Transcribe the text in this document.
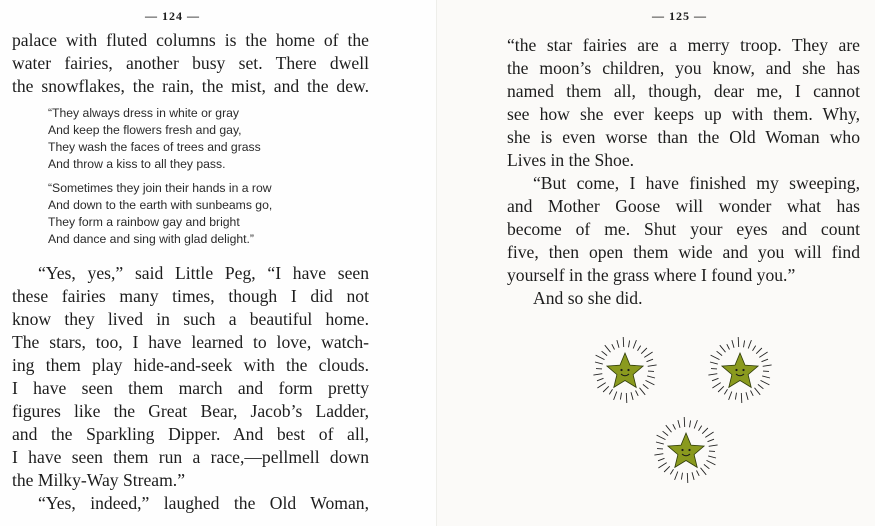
— 124 —
palace with fluted columns is the home of the
water fairies, another busy set. There dwell
the snowflakes, the rain, the mist, and the dew.
“They always dress in white or gray
And keep the flowers fresh and gay,
They wash the faces of trees and grass
And throw a kiss to all they pass.
“Sometimes they join their hands in a row
And down to the earth with sunbeams go,
They form a rainbow gay and bright
And dance and sing with glad delight.”
“Yes, yes,” said Little Peg, “I have seen
these fairies many times, though I did not
know they lived in such a beautiful home.
The stars, too, I have learned to love, watch-
ing them play hide-and-seek with the clouds.
I have seen them march and form pretty
figures like the Great Bear, Jacob’s Ladder,
and the Sparkling Dipper. And best of all,
I have seen them run a race,—pellmell down
the Milky-Way Stream.”
“Yes, indeed,” laughed the Old Woman,
— 125 —
“the star fairies are a merry troop. They are
the moon’s children, you know, and she has
named them all, though, dear me, I cannot
see how she ever keeps up with them. Why,
she is even worse than the Old Woman who
Lives in the Shoe.
“But come, I have finished my sweeping,
and Mother Goose will wonder what has
become of me. Shut your eyes and count
five, then open them wide and you will find
yourself in the grass where I found you.”
And so she did.
